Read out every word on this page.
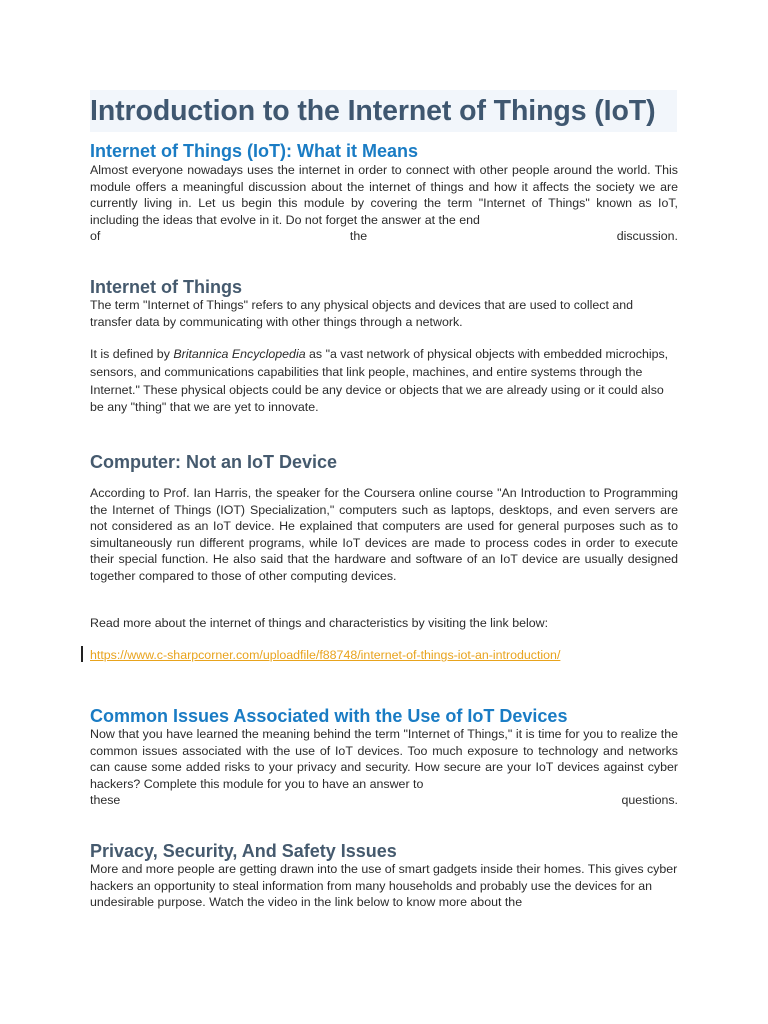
Introduction to the Internet of Things (IoT)
Internet of Things (IoT): What it Means

Almost everyone nowadays uses the internet in order to connect with other people around the world. This module offers a meaningful discussion about the internet of things and how it affects the society we are currently living in. Let us begin this module by covering the term "Internet of Things" known as IoT, including the ideas that evolve in it. Do not forget the answer at the end

of	the	discussion.
Internet of Things

The term "Internet of Things" refers to any physical objects and devices that are used to collect and transfer data by communicating with other things through a network.

It is defined by Britannica Encyclopedia as "a vast network of physical objects with embedded microchips, sensors, and communications capabilities that link people, machines, and entire systems through the Internet." These physical objects could be any device or objects that we are already using or it could also be any "thing" that we are yet to innovate.

Computer: Not an IoT Device

According to Prof. Ian Harris, the speaker for the Coursera online course "An Introduction to Programming the Internet of Things (IOT) Specialization," computers such as laptops, desktops, and even servers are not considered as an IoT device. He explained that computers are used for general purposes such as to simultaneously run different programs, while IoT devices are made to process codes in order to execute their special function. He also said that the hardware and software of an IoT device are usually designed together compared to those of other computing devices.

Read more about the internet of things and characteristics by visiting the link below:

https://www.c-sharpcorner.com/uploadfile/f88748/internet-of-things-iot-an-introduction/
Common Issues Associated with the Use of IoT Devices

Now that you have learned the meaning behind the term "Internet of Things," it is time for you to realize the common issues associated with the use of IoT devices. Too much exposure to technology and networks can cause some added risks to your privacy and security. How secure are your IoT devices against cyber hackers? Complete this module for you to have an answer to

these	questions.
Privacy, Security, And Safety Issues

More and more people are getting drawn into the use of smart gadgets inside their homes. This gives cyber hackers an opportunity to steal information from many households and probably use the devices for an undesirable purpose. Watch the video in the link below to know more about the
